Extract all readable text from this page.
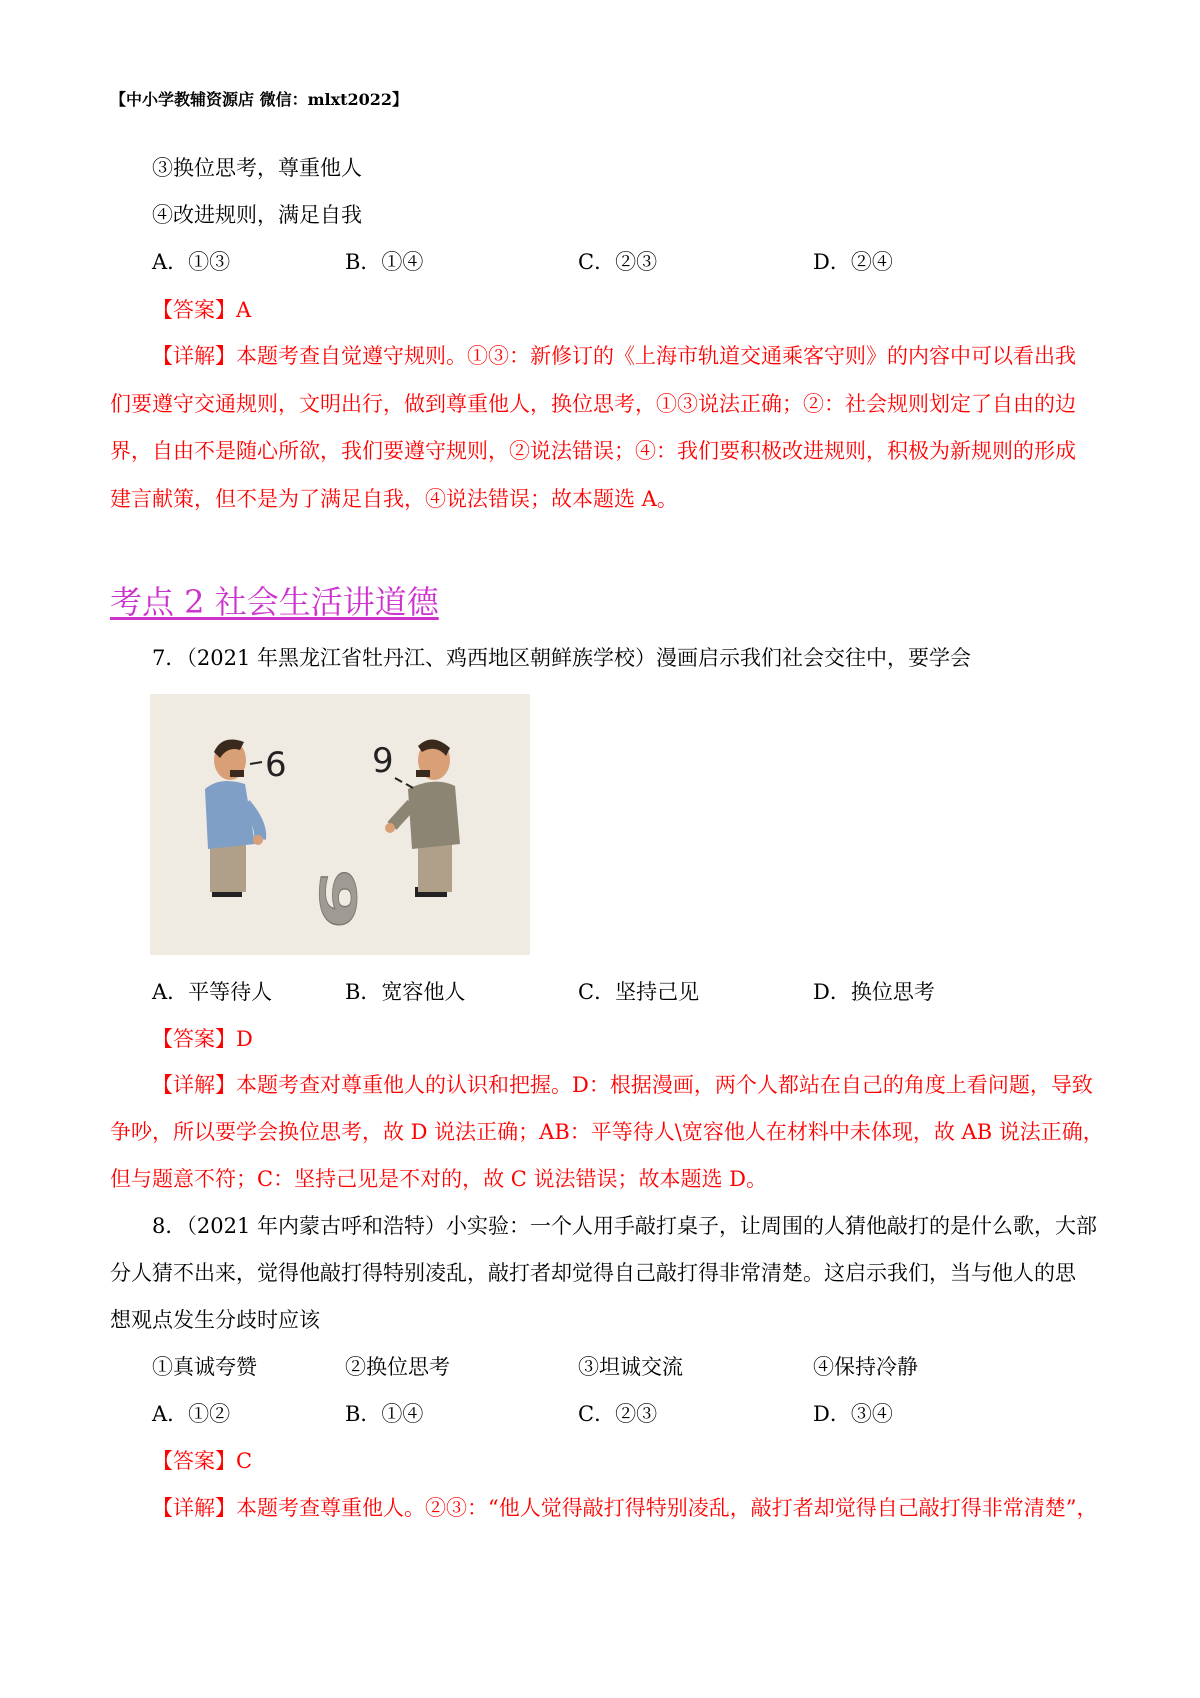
【中小学教辅资源店 微信：mlxt2022】
③换位思考，尊重他人
④改进规则，满足自我
A．①③	B．①④	C．②③	D．②④
【答案】A
【详解】本题考查自觉遵守规则。①③：新修订的《上海市轨道交通乘客守则》的内容中可以看出我
们要遵守交通规则，文明出行，做到尊重他人，换位思考，①③说法正确；②：社会规则划定了自由的边
界，自由不是随心所欲，我们要遵守规则，②说法错误；④：我们要积极改进规则，积极为新规则的形成
建言献策，但不是为了满足自我，④说法错误；故本题选 A。
考点 2 社会生活讲道德
7．（2021 年黑龙江省牡丹江、鸡西地区朝鲜族学校）漫画启示我们社会交往中，要学会
6	9
6
A．平等待人	B．宽容他人	C．坚持己见	D．换位思考
【答案】D
【详解】本题考查对尊重他人的认识和把握。D：根据漫画，两个人都站在自己的角度上看问题，导致
争吵，所以要学会换位思考，故 D 说法正确；AB：平等待人\宽容他人在材料中未体现，故 AB 说法正确，
但与题意不符；C：坚持己见是不对的，故 C 说法错误；故本题选 D。
8．（2021 年内蒙古呼和浩特）小实验：一个人用手敲打桌子，让周围的人猜他敲打的是什么歌，大部
分人猜不出来，觉得他敲打得特别凌乱，敲打者却觉得自己敲打得非常清楚。这启示我们，当与他人的思
想观点发生分歧时应该
①真诚夸赞	②换位思考	③坦诚交流	④保持冷静
A．①②	B．①④	C．②③	D．③④
【答案】C
【详解】本题考查尊重他人。②③：“他人觉得敲打得特别凌乱，敲打者却觉得自己敲打得非常清楚”，
